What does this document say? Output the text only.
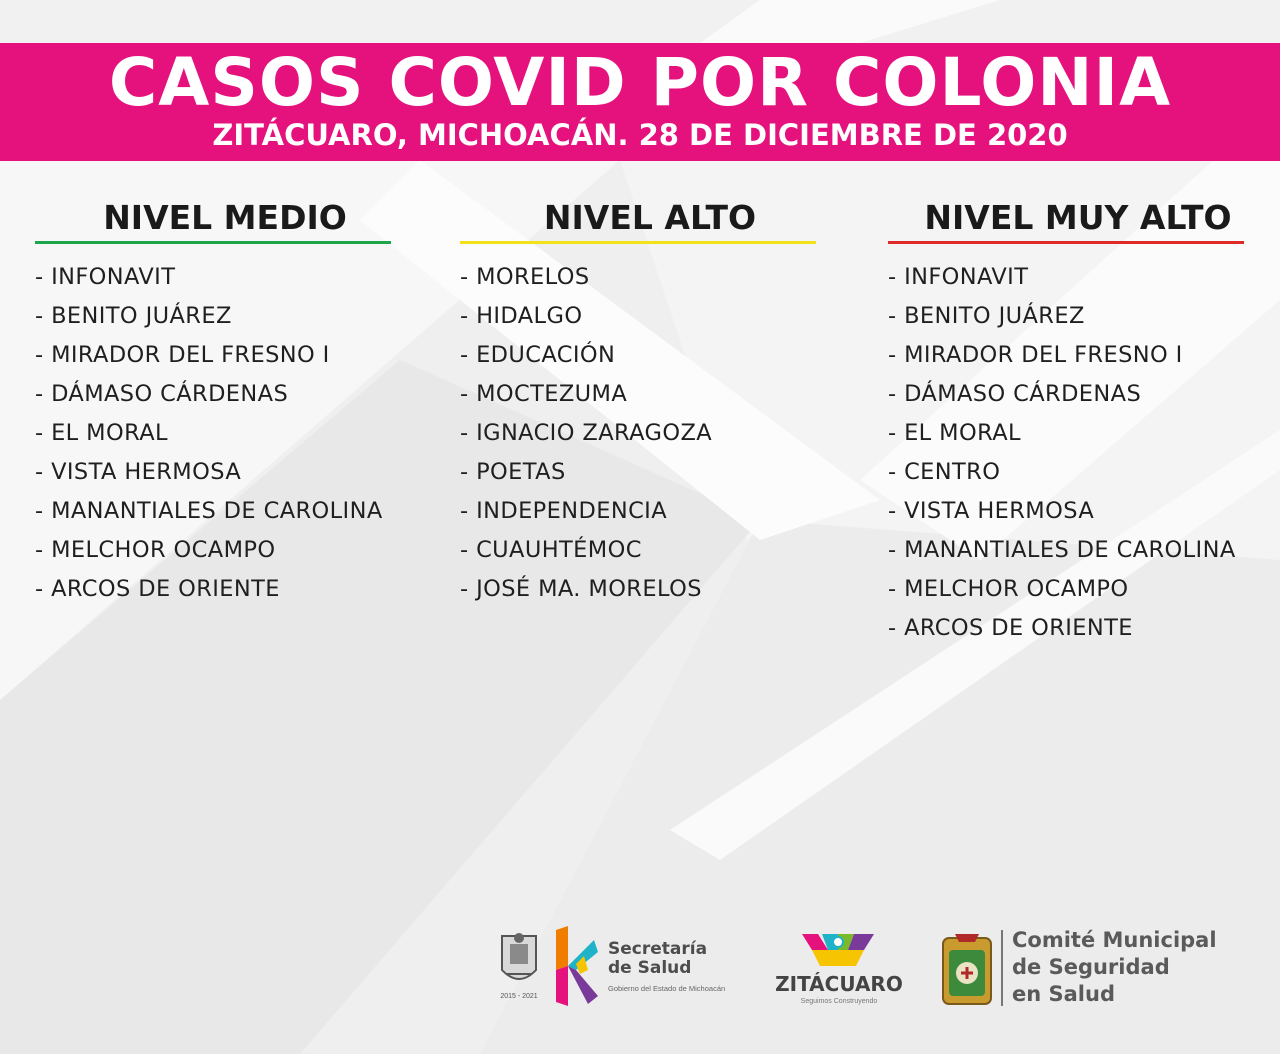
CASOS COVID POR COLONIA
ZITÁCUARO, MICHOACÁN. 28 DE DICIEMBRE DE 2020
NIVEL MEDIO
- INFONAVIT
- BENITO JUÁREZ
- MIRADOR DEL FRESNO I
- DÁMASO CÁRDENAS
- EL MORAL
- VISTA HERMOSA
- MANANTIALES DE CAROLINA
- MELCHOR OCAMPO
- ARCOS DE ORIENTE
NIVEL ALTO
- MORELOS
- HIDALGO
- EDUCACIÓN
- MOCTEZUMA
- IGNACIO ZARAGOZA
- POETAS
- INDEPENDENCIA
- CUAUHTÉMOC
- JOSÉ MA. MORELOS
NIVEL MUY ALTO
- INFONAVIT
- BENITO JUÁREZ
- MIRADOR DEL FRESNO I
- DÁMASO CÁRDENAS
- EL MORAL
- CENTRO
- VISTA HERMOSA
- MANANTIALES DE CAROLINA
- MELCHOR OCAMPO
- ARCOS DE ORIENTE
2015 - 2021
Secretaría
de Salud
Gobierno del Estado de Michoacán	ZITÁCUARO
Seguimos Construyendo
Comité Municipal
de Seguridad
en Salud
